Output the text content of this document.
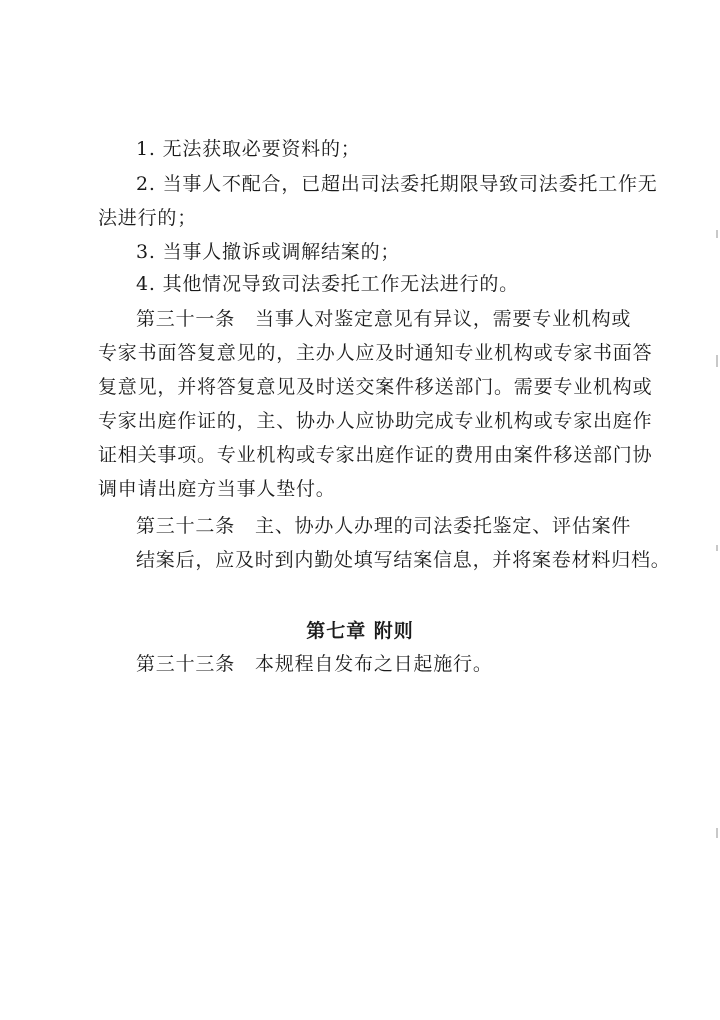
1. 无法获取必要资料的；
2. 当事人不配合，已超出司法委托期限导致司法委托工作无
法进行的；
3. 当事人撤诉或调解结案的；
4. 其他情况导致司法委托工作无法进行的。
第三十一条 当事人对鉴定意见有异议，需要专业机构或
专家书面答复意见的，主办人应及时通知专业机构或专家书面答
复意见，并将答复意见及时送交案件移送部门。需要专业机构或
专家出庭作证的，主、协办人应协助完成专业机构或专家出庭作
证相关事项。专业机构或专家出庭作证的费用由案件移送部门协
调申请出庭方当事人垫付。
第三十二条 主、协办人办理的司法委托鉴定、评估案件
结案后，应及时到内勤处填写结案信息，并将案卷材料归档。
第七章 附则
第三十三条 本规程自发布之日起施行。
